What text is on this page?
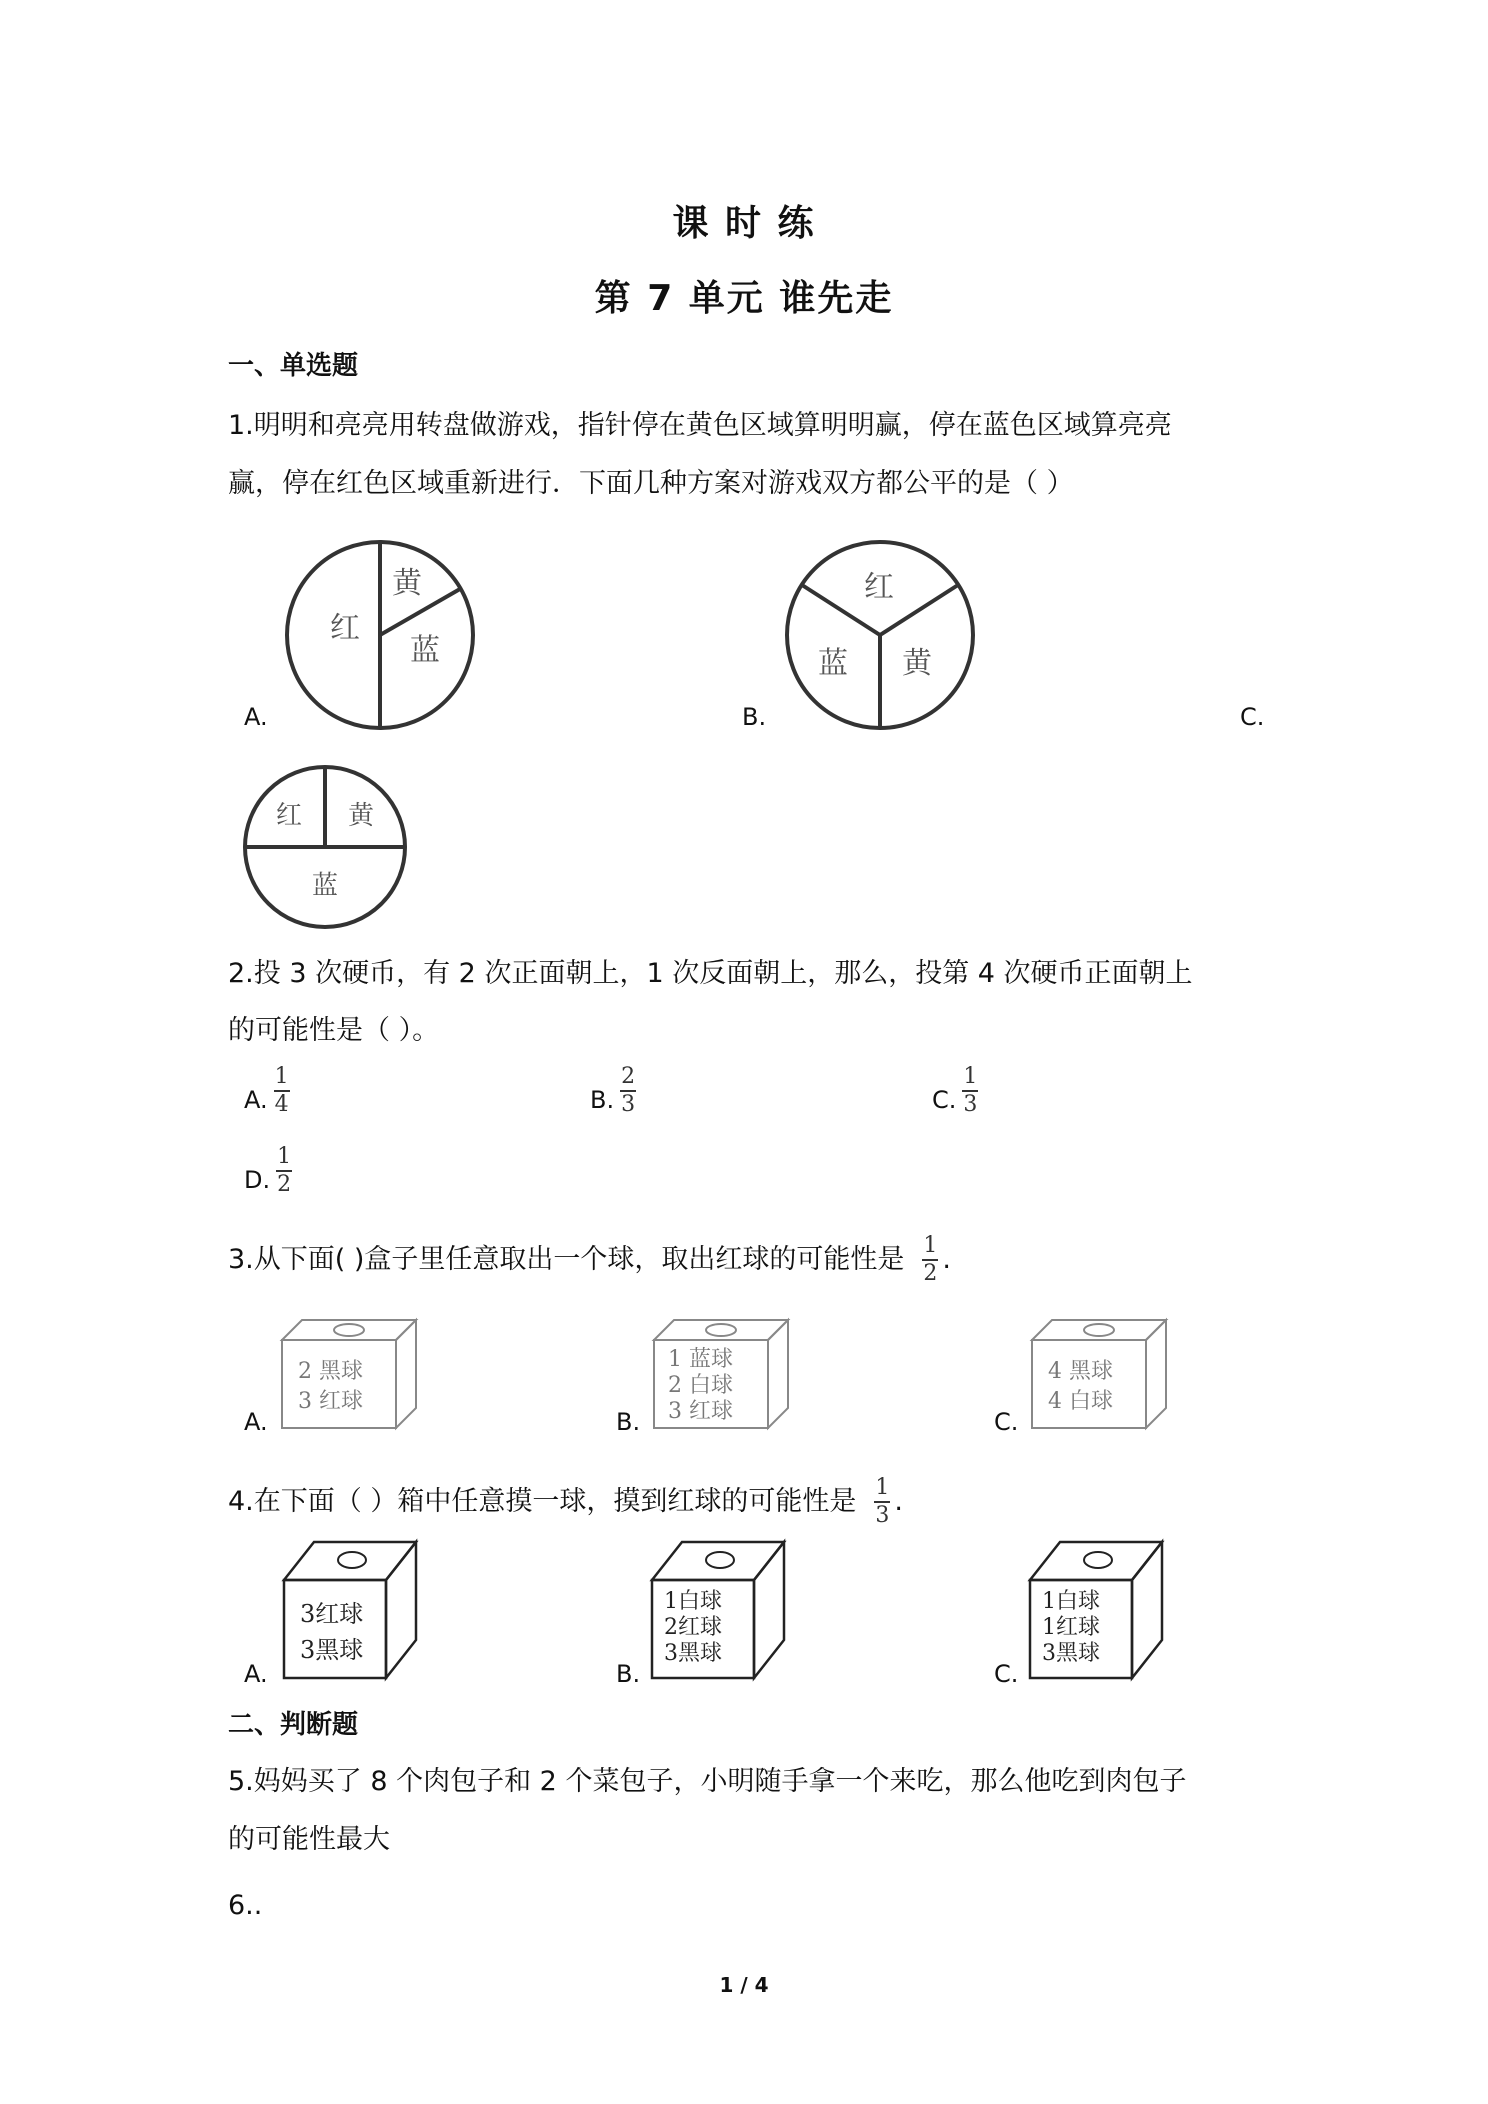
课 时 练
第 7 单元 谁先走
一、单选题
1.明明和亮亮用转盘做游戏，指针停在黄色区域算明明赢，停在蓝色区域算亮亮
赢，停在红色区域重新进行．下面几种方案对游戏双方都公平的是（ ）
红
黄
蓝
A.
红
蓝 黄
B.	C.
红 黄
蓝
2.投 3 次硬币，有 2 次正面朝上，1 次反面朝上，那么，投第 4 次硬币正面朝上
的可能性是（ ）。
A. $\frac{1}{4}$	B. $\frac{2}{3}$	C. $\frac{1}{3}$
D. $\frac{1}{2}$
3.从下面( )盒子里任意取出一个球，取出红球的可能性是 $\frac{1}{2}$ .
2 黑球
3 红球
A.
1 蓝球
2 白球
3 红球
B.
4 黑球
4 白球
C.
4.在下面（ ）箱中任意摸一球，摸到红球的可能性是 $\frac{1}{3}$ .
3红球
3黑球
A.
1白球
2红球
3黑球
B.
1白球
1红球
3黑球
C.
二、判断题
5.妈妈买了 8 个肉包子和 2 个菜包子，小明随手拿一个来吃，那么他吃到肉包子
的可能性最大
6..
1 / 4
